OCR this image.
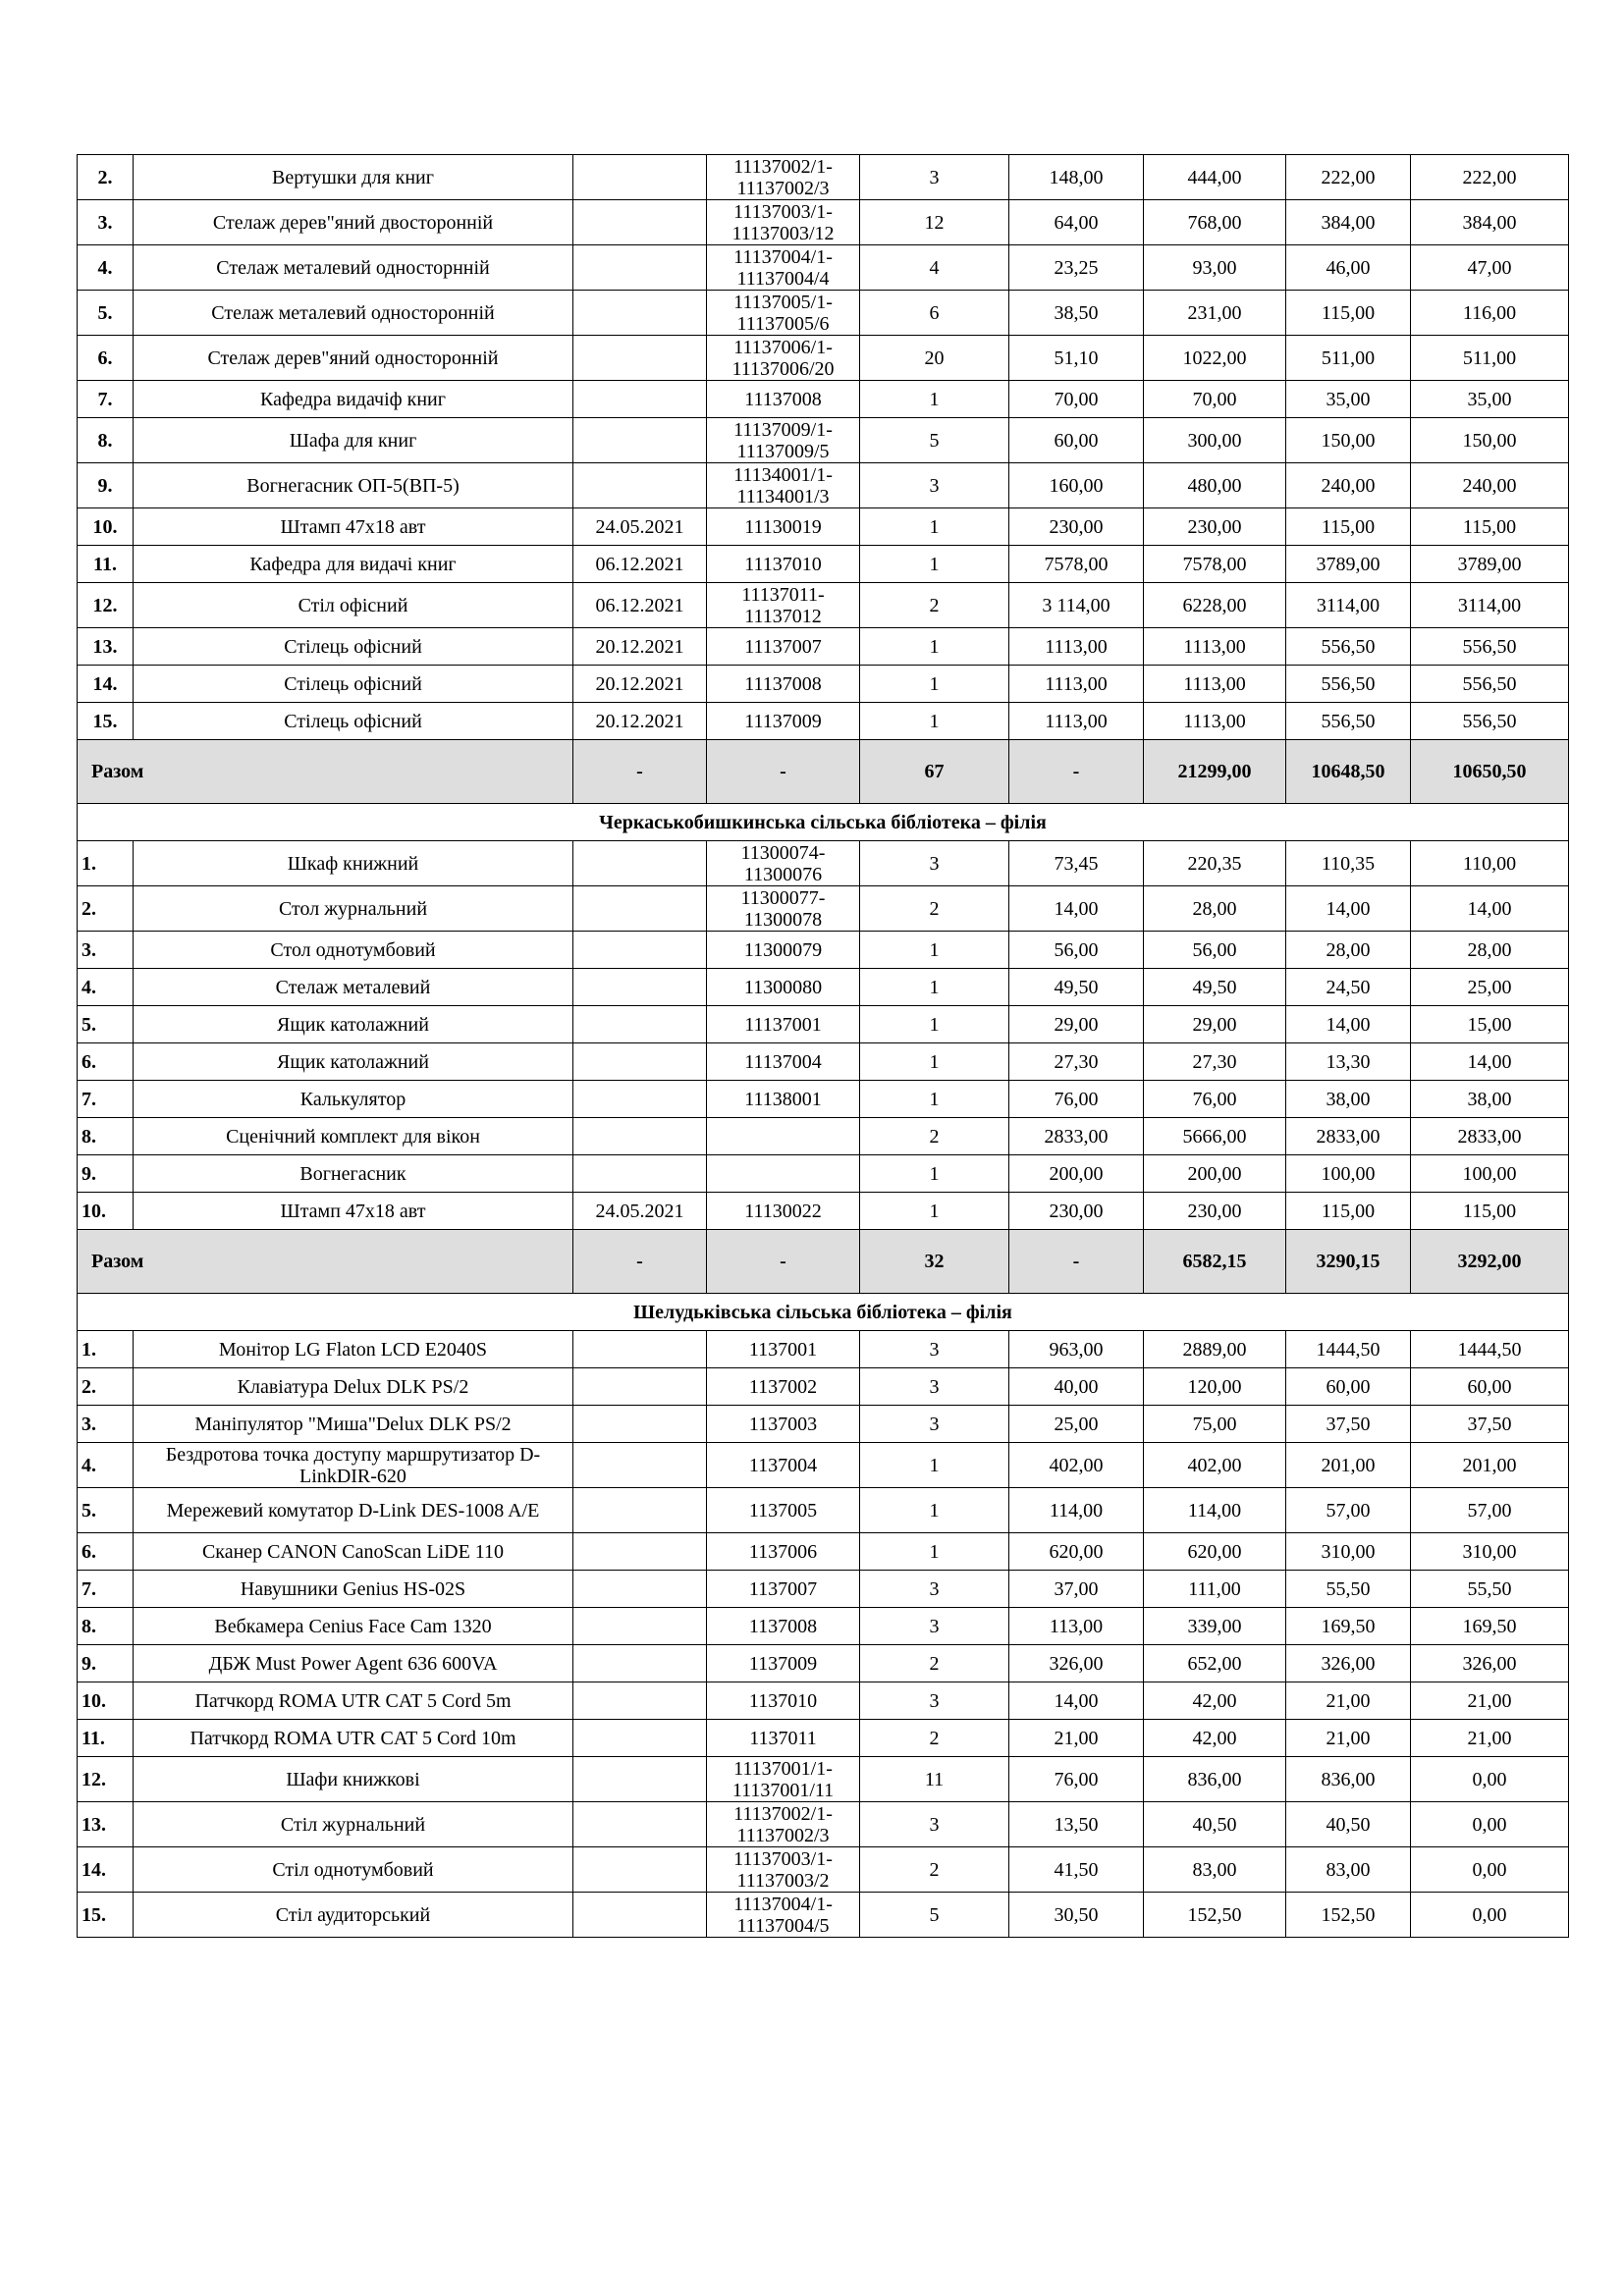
2.	Вертушки для книг		11137002/1-11137002/3	3	148,00	444,00	222,00	222,00
3.	Стелаж дерев"яний двосторонній		11137003/1-11137003/12	12	64,00	768,00	384,00	384,00
4.	Стелаж металевий односторнній		11137004/1-11137004/4	4	23,25	93,00	46,00	47,00
5.	Стелаж металевий односторонній		11137005/1-11137005/6	6	38,50	231,00	115,00	116,00
6.	Стелаж дерев"яний односторонній		11137006/1-11137006/20	20	51,10	1022,00	511,00	511,00
7.	Кафедра видачіф книг		11137008	1	70,00	70,00	35,00	35,00
8.	Шафа для книг		11137009/1-11137009/5	5	60,00	300,00	150,00	150,00
9.	Вогнегасник ОП-5(ВП-5)		11134001/1-11134001/3	3	160,00	480,00	240,00	240,00
10.	Штамп 47х18 авт	24.05.2021	11130019	1	230,00	230,00	115,00	115,00
11.	Кафедра для видачі книг	06.12.2021	11137010	1	7578,00	7578,00	3789,00	3789,00
12.	Стіл офісний	06.12.2021	11137011-11137012	2	3 114,00	6228,00	3114,00	3114,00
13.	Стілець офісний	20.12.2021	11137007	1	1113,00	1113,00	556,50	556,50
14.	Стілець офісний	20.12.2021	11137008	1	1113,00	1113,00	556,50	556,50
15.	Стілець офісний	20.12.2021	11137009	1	1113,00	1113,00	556,50	556,50
Разом		-	-	67	-	21299,00	10648,50	10650,50
Черкаськобишкинська сільська бібліотека – філія								
1.	Шкаф книжний		11300074-11300076	3	73,45	220,35	110,35	110,00
2.	Стол журнальний		11300077-11300078	2	14,00	28,00	14,00	14,00
3.	Стол однотумбовий		11300079	1	56,00	56,00	28,00	28,00
4.	Стелаж металевий		11300080	1	49,50	49,50	24,50	25,00
5.	Ящик католажний		11137001	1	29,00	29,00	14,00	15,00
6.	Ящик католажний		11137004	1	27,30	27,30	13,30	14,00
7.	Калькулятор		11138001	1	76,00	76,00	38,00	38,00
8.	Сценічний комплект для вікон			2	2833,00	5666,00	2833,00	2833,00
9.	Вогнегасник			1	200,00	200,00	100,00	100,00
10.	Штамп 47х18 авт	24.05.2021	11130022	1	230,00	230,00	115,00	115,00
Разом		-	-	32	-	6582,15	3290,15	3292,00
Шелудьківська сільська бібліотека – філія								
1.	Монітор LG Flaton LCD E2040S		1137001	3	963,00	2889,00	1444,50	1444,50
2.	Клавіатура Delux DLK PS/2		1137002	3	40,00	120,00	60,00	60,00
3.	Маніпулятор "Миша"Delux DLK PS/2		1137003	3	25,00	75,00	37,50	37,50
4.	Бездротова точка доступу маршрутизатор D-LinkDIR-620		1137004	1	402,00	402,00	201,00	201,00
5.	Мережевий комутатор D-Link DES-1008 A/E		1137005	1	114,00	114,00	57,00	57,00
6.	Сканер CANON CanoScan LiDE 110		1137006	1	620,00	620,00	310,00	310,00
7.	Навушники Genius HS-02S		1137007	3	37,00	111,00	55,50	55,50
8.	Вебкамера Cenius Face Cam 1320		1137008	3	113,00	339,00	169,50	169,50
9.	ДБЖ Must Power Agent 636 600VA		1137009	2	326,00	652,00	326,00	326,00
10.	Патчкорд ROMA UTR CAT 5 Cord 5m		1137010	3	14,00	42,00	21,00	21,00
11.	Патчкорд ROMA UTR CAT 5 Cord 10m		1137011	2	21,00	42,00	21,00	21,00
12.	Шафи книжкові		11137001/1-11137001/11	11	76,00	836,00	836,00	0,00
13.	Стіл журнальний		11137002/1-11137002/3	3	13,50	40,50	40,50	0,00
14.	Стіл однотумбовий		11137003/1-11137003/2	2	41,50	83,00	83,00	0,00
15.	Стіл аудиторський		11137004/1-11137004/5	5	30,50	152,50	152,50	0,00
